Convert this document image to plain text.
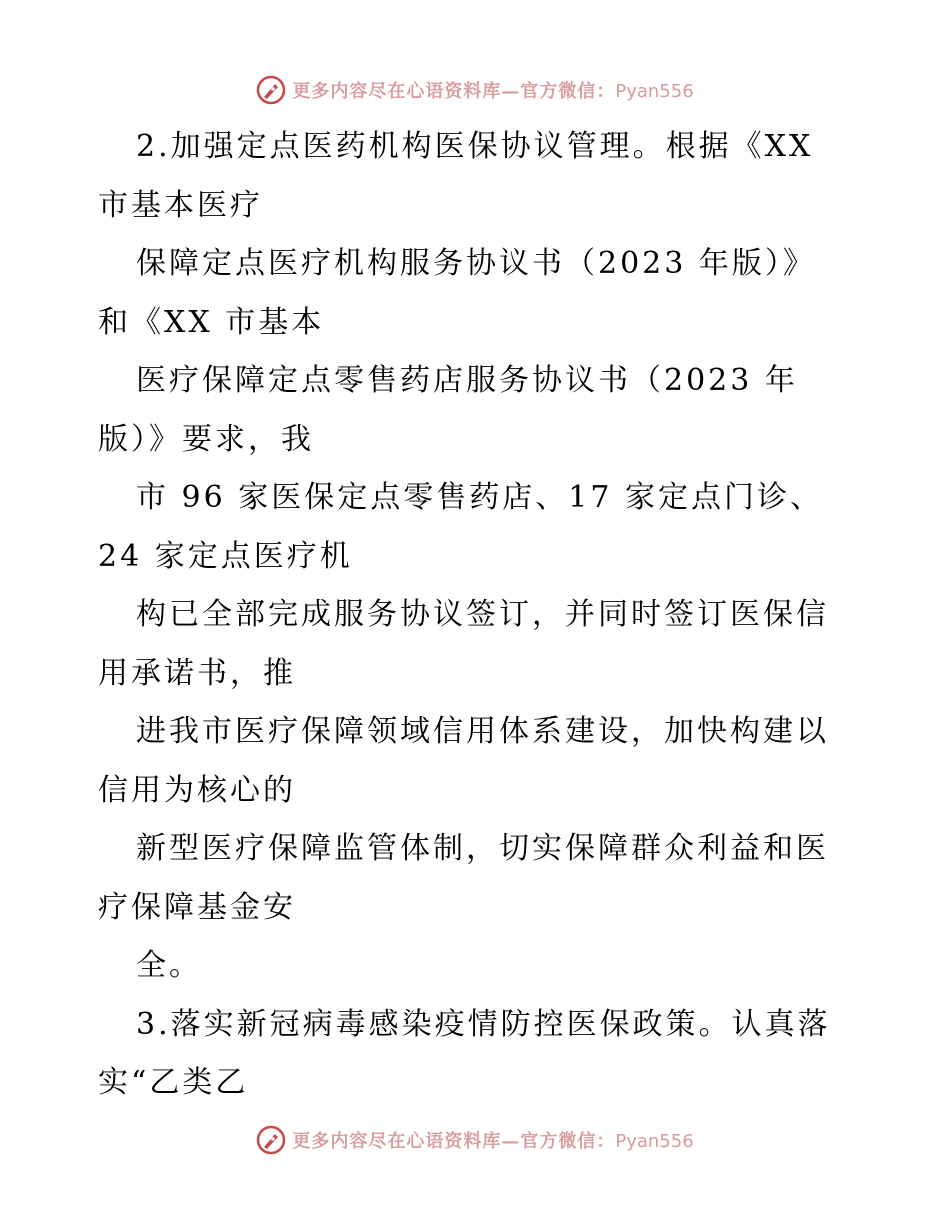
更多内容尽在心语资料库—官方微信：Pyan556
2.加强定点医药机构医保协议管理。根据《XX
市基本医疗
保障定点医疗机构服务协议书（2023 年版）》
和《XX 市基本
医疗保障定点零售药店服务协议书（2023 年
版）》要求，我
市 96 家医保定点零售药店、17 家定点门诊、
24 家定点医疗机
构已全部完成服务协议签订，并同时签订医保信
用承诺书，推
进我市医疗保障领域信用体系建设，加快构建以
信用为核心的
新型医疗保障监管体制，切实保障群众利益和医
疗保障基金安
全。
3.落实新冠病毒感染疫情防控医保政策。认真落
实“乙类乙
更多内容尽在心语资料库—官方微信：Pyan556
